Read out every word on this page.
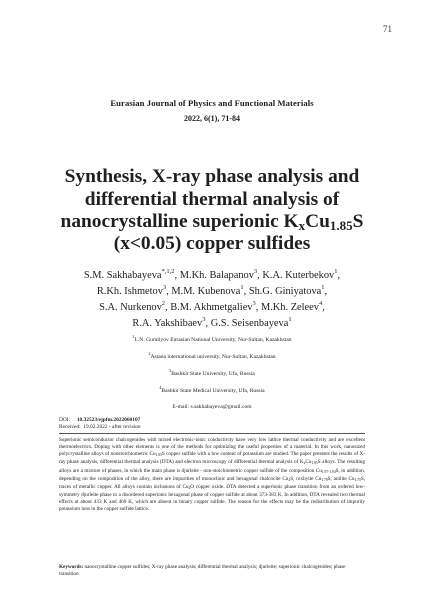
71
Eurasian Journal of Physics and Functional Materials
2022, 6(1), 71-84
Synthesis, X-ray phase analysis and
differential thermal analysis of
nanocrystalline superionic $K_xCu_{1.85}S$
(x<0.05) copper sulfides
S.M. Sakhabayeva$^{*,1,2}$, M.Kh. Balapanov$^3$, K.A. Kuterbekov$^1$,
R.Kh. Ishmetov$^3$, M.M. Kubenova$^1$, Sh.G. Giniyatova$^1$,
S.A. Nurkenov$^2$, B.M. Akhmetgaliev$^3$, M.Kh. Zeleev$^4$,
R.A. Yakshibaev$^3$, G.S. Seisenbayeva$^1$
$^1$L.N. Gumilyov Eurasian National University, Nur-Sultan, Kazakhstan
$^2$Astana international university, Nur-Sultan, Kazakhstan
$^3$Bashkir State University, Ufa, Russia
$^4$Bashkir State Medical University, Ufa, Russia
E-mail: s.sakhabayeva@gmail.com
DOI: 10.32523/ejpfm.2022060107
Received: 19.02.2022 - after revision

Superionic semiconductor chalcogenides with mixed electronic-ionic conductivity have very low lattice thermal conductivity and are excellent thermoelectrics. Doping with other elements is one of the methods for optimizing the useful properties of a material. In this work, nanosized polycrystalline alloys of nonstoichiometric $Cu_{1.85}S$ copper sulfide with a low content of potassium are studied. The paper presents the results of X-ray phase analysis, differential thermal analysis (DTA) and electron microscopy of differential thermal analysis of $K_xCu_{1.85}S$ alloys. The resulting alloys are a mixture of phases, in which the main phase is djurleite - non-stoichiometric copper sulfide of the composition $Cu_{1.97-1.94}S$, in addition, depending on the composition of the alloy, there are impurities of monoclinic and hexagonal chalcocite $Cu_2S$, roxbyite $Cu_{1.78}S$, anilite $Cu_{1.75}S$, traces of metallic copper. All alloys contain inclusions of $Cu_2O$ copper oxide. DTA detected a superionic phase transition from an ordered low-symmetry djurleite phase to a disordered superionic hexagonal phase of copper sulfide at about 373-383 K. In addition, DTA revealed two thermal effects at about 433 K and 460 K, which are absent in binary copper sulfide. The reason for the effects may be the redistribution of impurity potassium ions in the copper sulfide lattice.

Keywords: nanocrystalline copper sulfides; X-ray phase analysis; differential thermal analysis; djurleite; superionic chalcogenides; phase transition
